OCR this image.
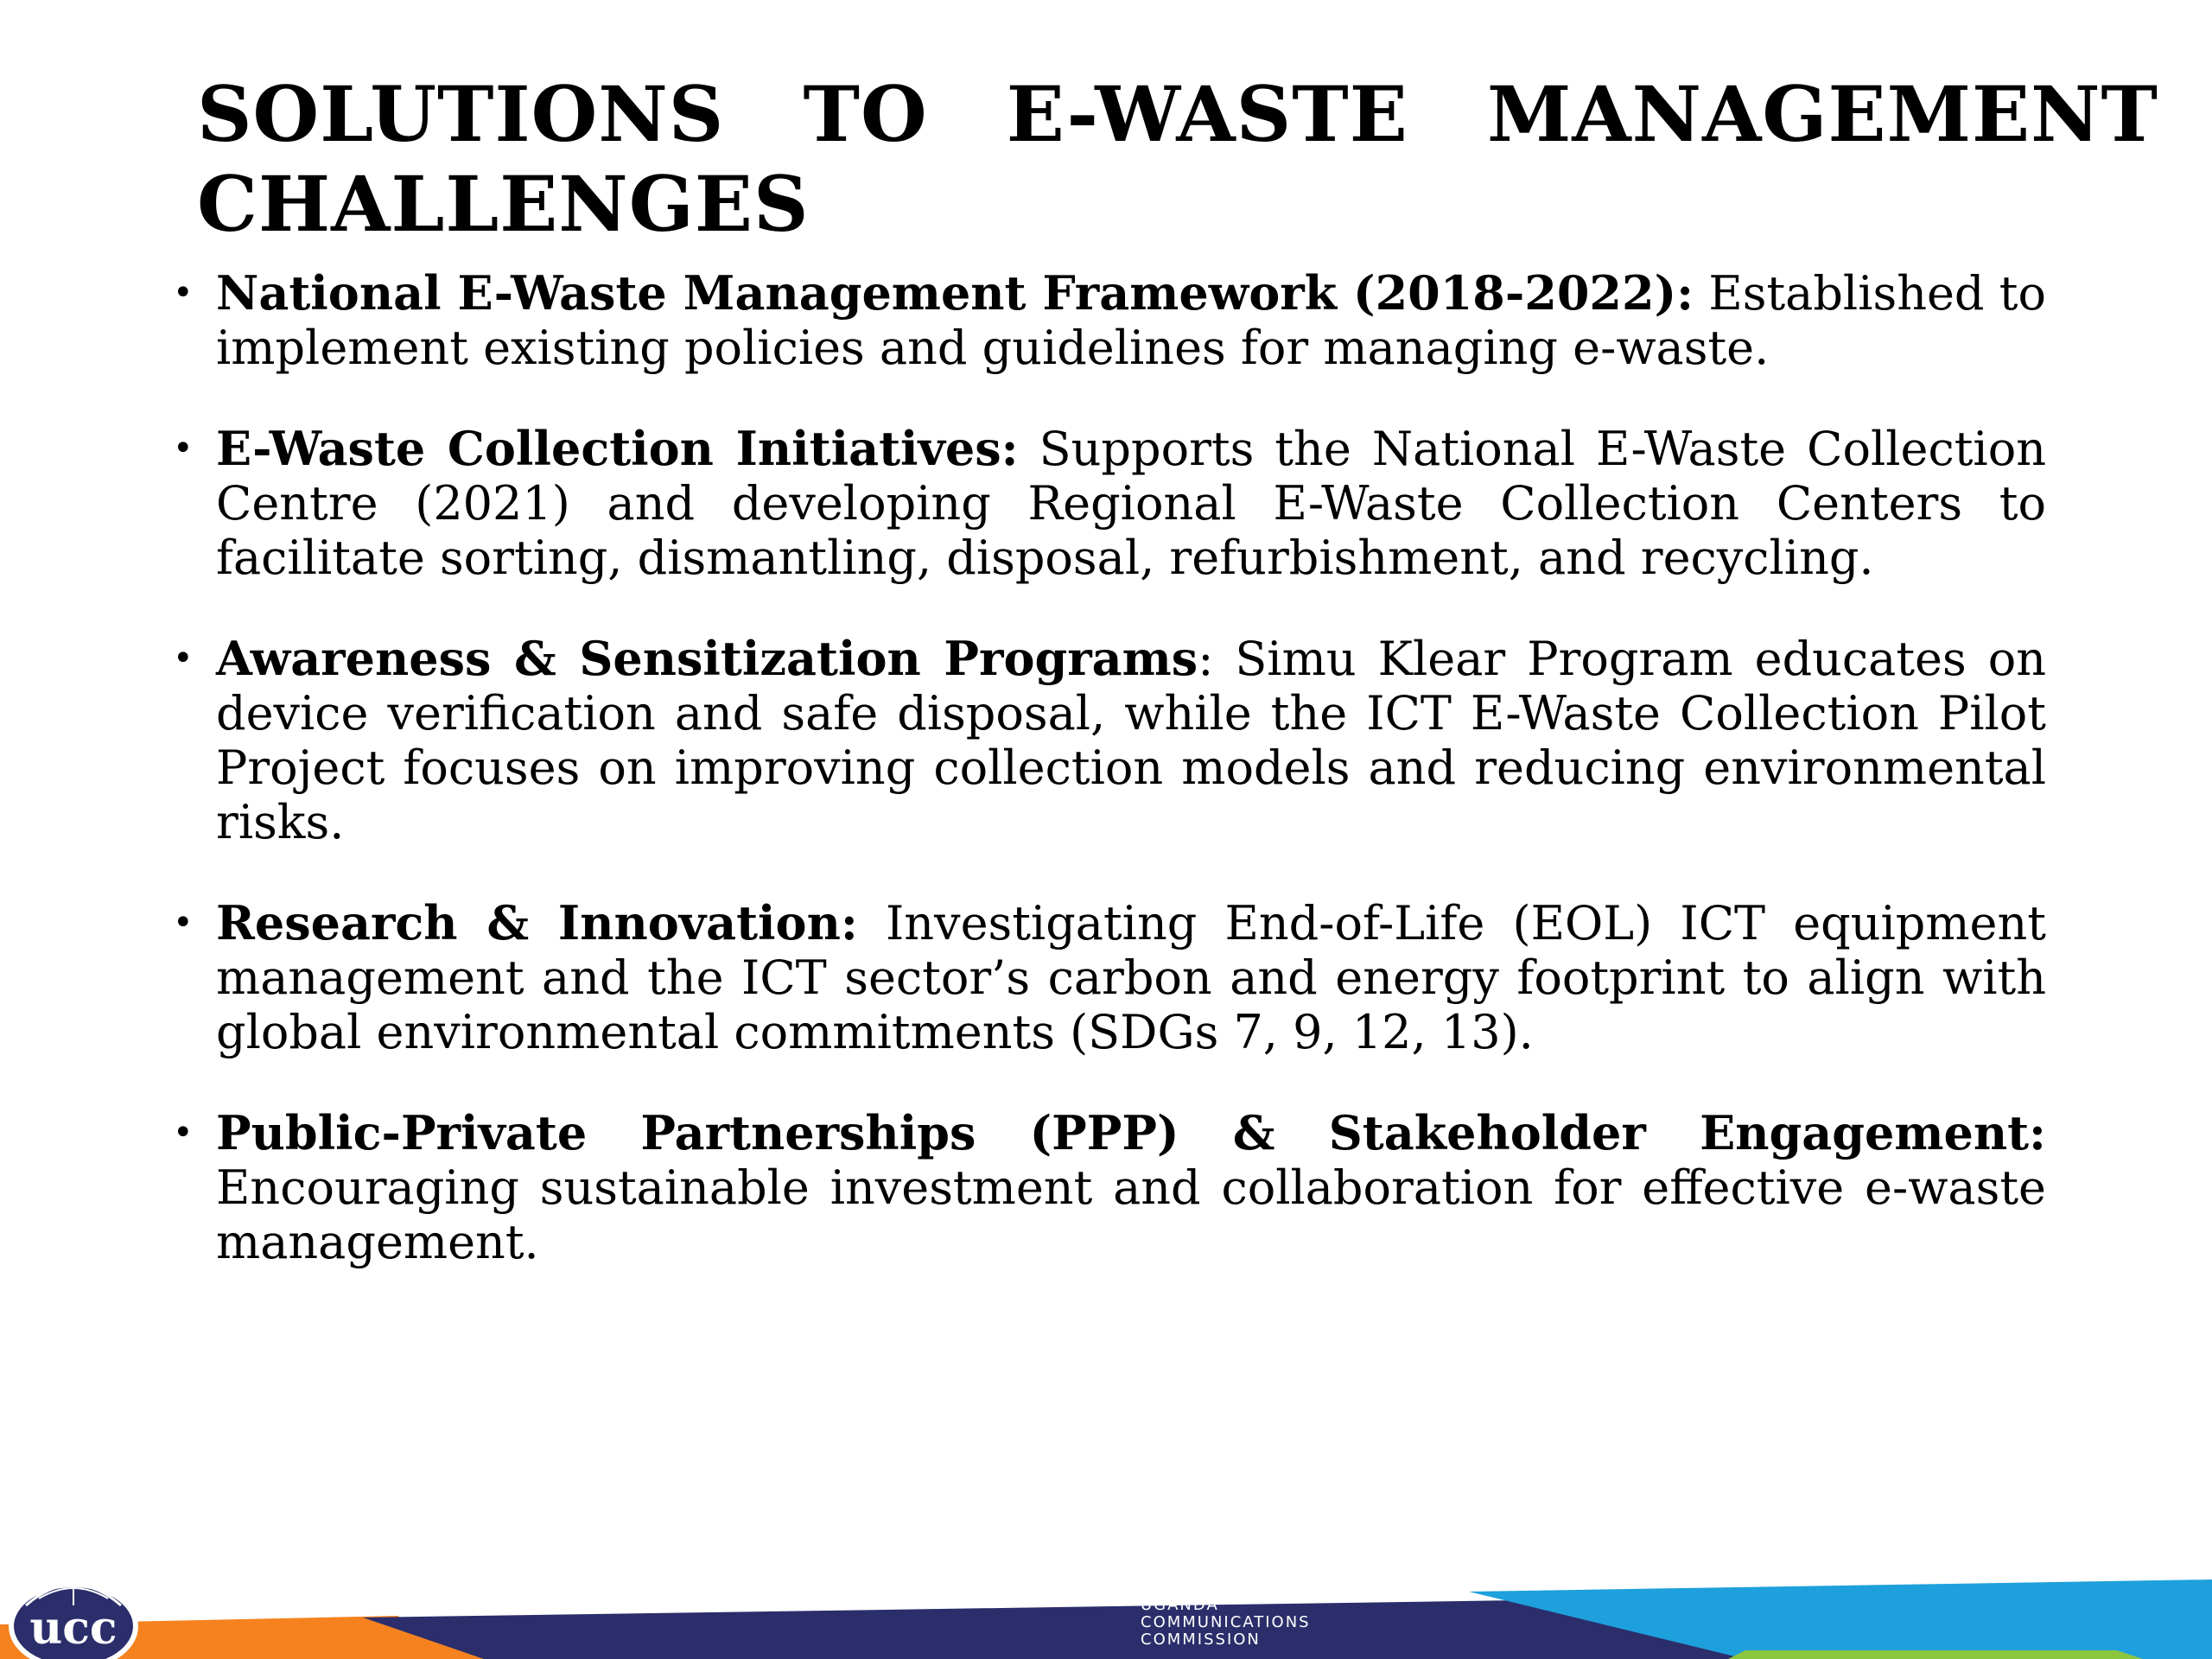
SOLUTIONS TO E-WASTE MANAGEMENT
CHALLENGES
• National E-Waste Management Framework (2018-2022): Established to implement existing policies and guidelines for managing e-waste.
• E-Waste Collection Initiatives: Supports the National E-Waste Collection Centre (2021) and developing Regional E-Waste Collection Centers to facilitate sorting, dismantling, disposal, refurbishment, and recycling.
• Awareness & Sensitization Programs: Simu Klear Program educates on device verification and safe disposal, while the ICT E-Waste Collection Pilot Project focuses on improving collection models and reducing environmental risks.
• Research & Innovation: Investigating End-of-Life (EOL) ICT equipment management and the ICT sector’s carbon and energy footprint to align with global environmental commitments (SDGs 7, 9, 12, 13).
• Public-Private Partnerships (PPP) & Stakeholder Engagement: Encouraging sustainable investment and collaboration for effective e-waste management.
ucc	UGANDA
COMMUNICATIONS
COMMISSION
